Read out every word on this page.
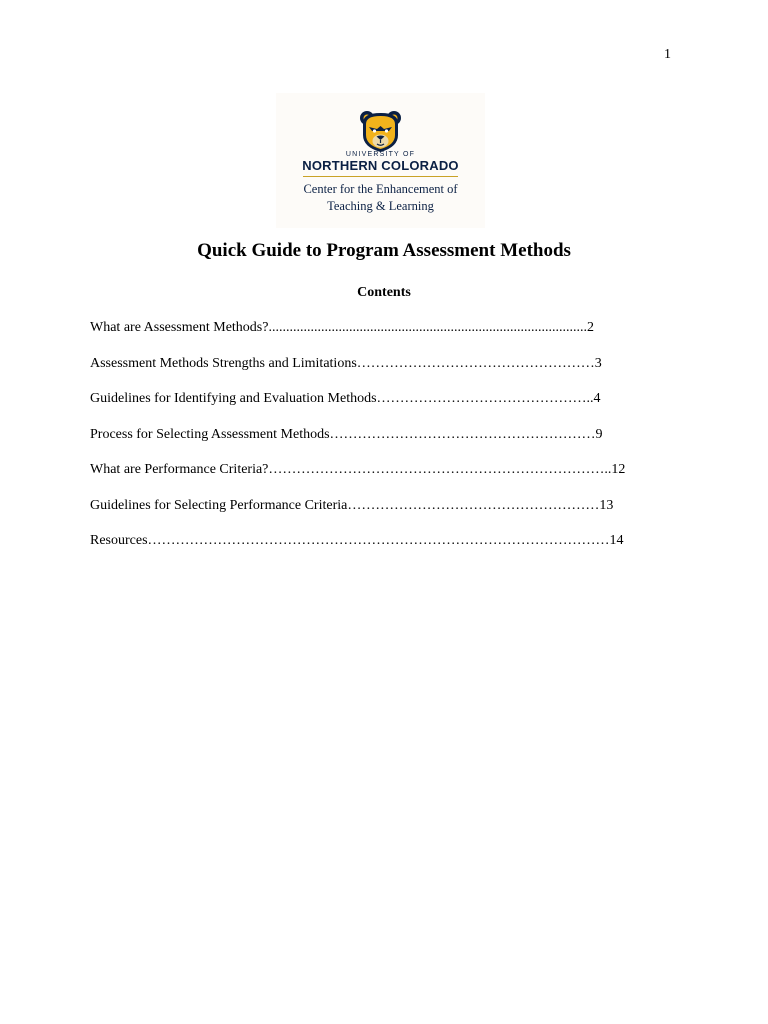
1
UNIVERSITY OF
NORTHERN COLORADO
Center for the Enhancement of
Teaching & Learning
Quick Guide to Program Assessment Methods
Contents
What are Assessment Methods?...........................................................................................2
Assessment Methods Strengths and Limitations……………………………………………3
Guidelines for Identifying and Evaluation Methods………………………………………..4
Process for Selecting Assessment Methods…………………………………………………9
What are Performance Criteria?………………………………………………………………..12
Guidelines for Selecting Performance Criteria………………………………………………13
Resources………………………………………………………………………………………14
